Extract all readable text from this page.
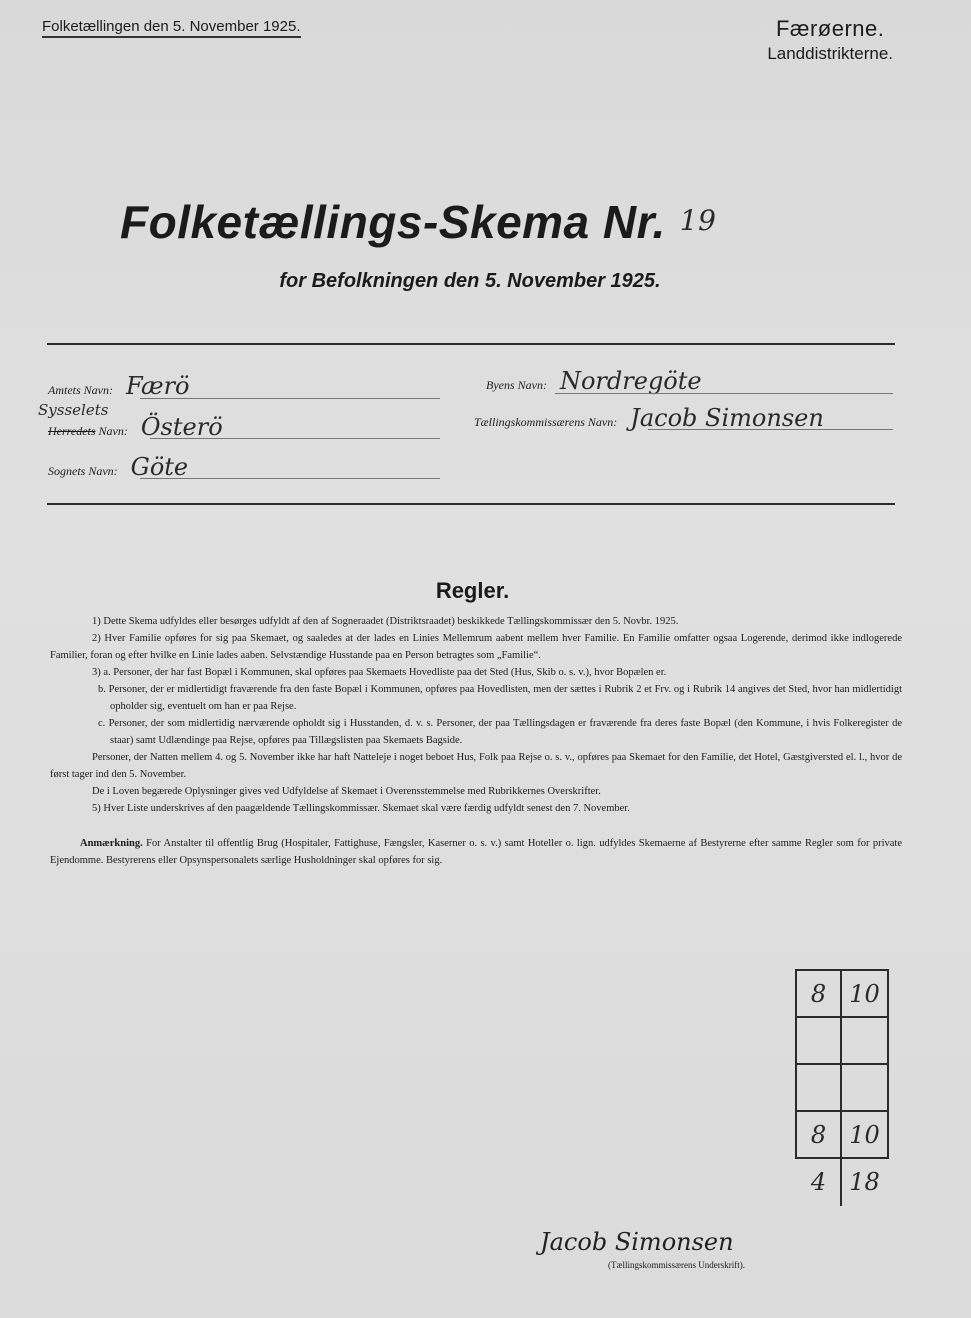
Folketællingen den 5. November 1925.	Færøerne.
Landdistrikterne.
Folketællings-Skema Nr. 19
for Befolkningen den 5. November 1925.
Amtets Navn: Færö
Sysselets
Herredets Navn: Österö
Sognets Navn: Göte
Byens Navn: Nordregöte
Tællingskommissærens Navn: Jacob Simonsen
Regler.

1) Dette Skema udfyldes eller besørges udfyldt af den af Sogneraadet (Distriktsraadet) beskikkede Tællingskommissær den 5. Novbr. 1925.

2) Hver Familie opføres for sig paa Skemaet, og saaledes at der lades en Linies Mellemrum aabent mellem hver Familie. En Familie omfatter ogsaa Logerende, derimod ikke indlogerede Familier, foran og efter hvilke en Linie lades aaben. Selvstændige Husstande paa en Person betragtes som „Familie“.

3) a. Personer, der har fast Bopæl i Kommunen, skal opføres paa Skemaets Hovedliste paa det Sted (Hus, Skib o. s. v.), hvor Bopælen er.

b. Personer, der er midlertidigt fraværende fra den faste Bopæl i Kommunen, opføres paa Hovedlisten, men der sættes i Rubrik 2 et Frv. og i Rubrik 14 angives det Sted, hvor han midlertidigt opholder sig, eventuelt om han er paa Rejse.

c. Personer, der som midlertidig nærværende opholdt sig i Husstanden, d. v. s. Personer, der paa Tællingsdagen er fraværende fra deres faste Bopæl (den Kommune, i hvis Folkeregister de staar) samt Udlændinge paa Rejse, opføres paa Tillægslisten paa Skemaets Bagside.

Personer, der Natten mellem 4. og 5. November ikke har haft Natteleje i noget beboet Hus, Folk paa Rejse o. s. v., opføres paa Skemaet for den Familie, det Hotel, Gæstgiversted el. l., hvor de først tager ind den 5. November.

De i Loven begærede Oplysninger gives ved Udfyldelse af Skemaet i Overensstemmelse med Rubrikkernes Overskrifter.

5) Hver Liste underskrives af den paagældende Tællingskommissær. Skemaet skal være færdig udfyldt senest den 7. November.

Anmærkning. For Anstalter til offentlig Brug (Hospitaler, Fattighuse, Fængsler, Kaserner o. s. v.) samt Hoteller o. lign. udfyldes Skemaerne af Bestyrerne efter samme Regler som for private Ejendomme. Bestyrerens eller Opsynspersonalets særlige Husholdninger skal opføres for sig.

8	10

8	10
4	18
Jacob Simonsen
(Tællingskommissærens Underskrift).
